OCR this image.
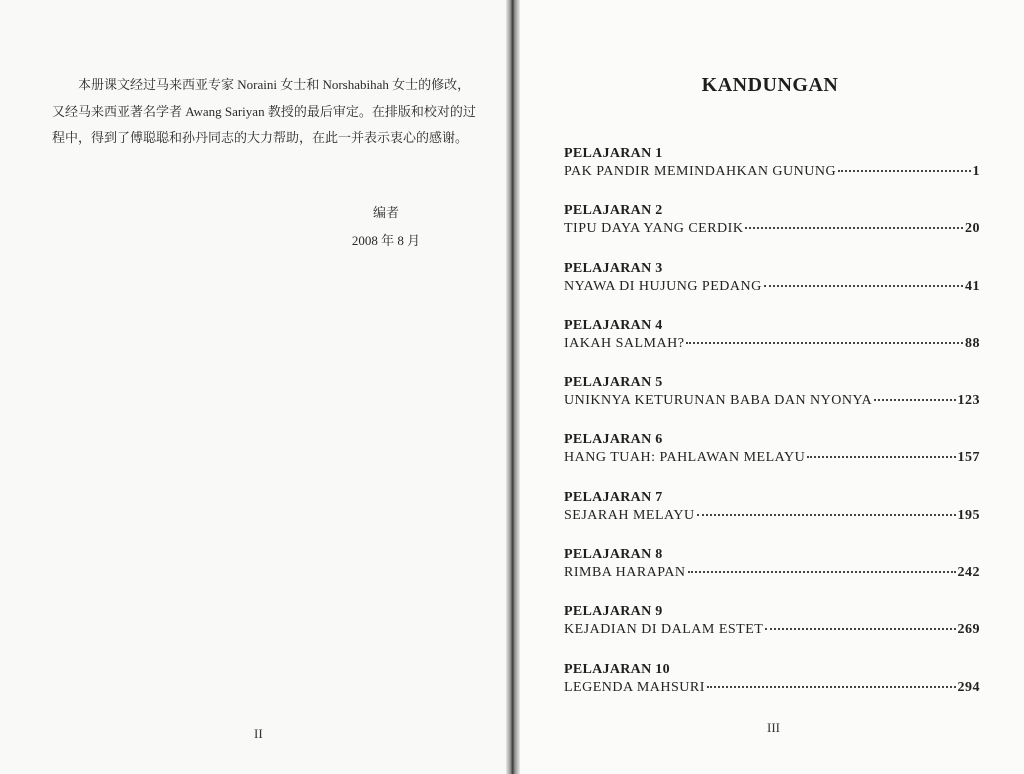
本册课文经过马来西亚专家 Noraini 女士和 Norshabihah 女士的修改，又经马来西亚著名学者 Awang Sariyan 教授的最后审定。在排版和校对的过程中，得到了傅聪聪和孙丹同志的大力帮助，在此一并表示衷心的感谢。

编者
2008 年 8 月
II
KANDUNGAN
PELAJARAN 1
PAK PANDIR MEMINDAHKAN GUNUNG	1
PELAJARAN 2
TIPU DAYA YANG CERDIK	20
PELAJARAN 3
NYAWA DI HUJUNG PEDANG	41
PELAJARAN 4
IAKAH SALMAH?	88
PELAJARAN 5
UNIKNYA KETURUNAN BABA DAN NYONYA	123
PELAJARAN 6
HANG TUAH: PAHLAWAN MELAYU	157
PELAJARAN 7
SEJARAH MELAYU	195
PELAJARAN 8
RIMBA HARAPAN	242
PELAJARAN 9
KEJADIAN DI DALAM ESTET	269
PELAJARAN 10
LEGENDA MAHSURI	294
III
